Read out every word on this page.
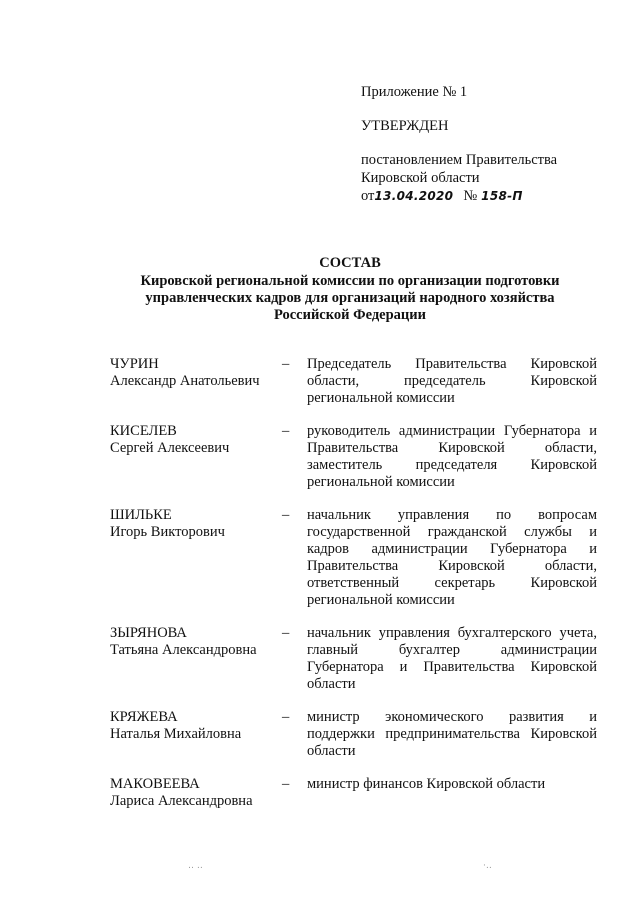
Приложение № 1
УТВЕРЖДЕН
постановлением Правительства
Кировской области
от13.04.2020 № 158-П
СОСТАВ
Кировской региональной комиссии по организации подготовки
управленческих кадров для организаций народного хозяйства
Российской Федерации
ЧУРИН
Александр Анатольевич
–	Председатель Правительства Кировской области, председатель Кировской региональной комиссии
КИСЕЛЕВ
Сергей Алексеевич
–	руководитель администрации Губернатора и Правительства Кировской области, заместитель председателя Кировской региональной комиссии
ШИЛЬКЕ
Игорь Викторович
–	начальник управления по вопросам государственной гражданской службы и кадров администрации Губернатора и Правительства Кировской области, ответственный секретарь Кировской региональной комиссии
ЗЫРЯНОВА
Татьяна Александровна
–	начальник управления бухгалтерского учета, главный бухгалтер администрации Губернатора и Правительства Кировской области
КРЯЖЕВА
Наталья Михайловна
–	министр экономического развития и поддержки предпринимательства Кировской области
МАКОВЕЕВА
Лариса Александровна
–	министр финансов Кировской области
‥ ‥	·‥
